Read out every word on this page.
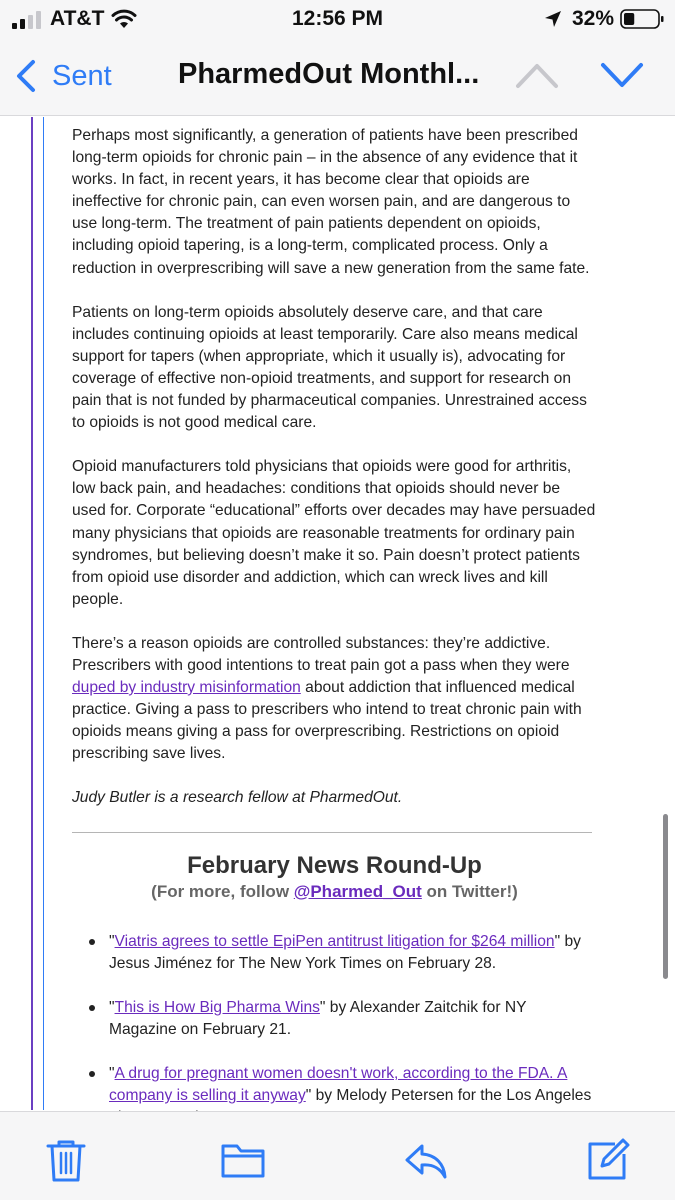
AT&T	12:56 PM	32%
Sent PharmedOut Monthl...

Perhaps most significantly, a generation of patients have been prescribed long-term opioids for chronic pain – in the absence of any evidence that it works. In fact, in recent years, it has become clear that opioids are ineffective for chronic pain, can even worsen pain, and are dangerous to use long-term. The treatment of pain patients dependent on opioids, including opioid tapering, is a long-term, complicated process. Only a reduction in overprescribing will save a new generation from the same fate.

Patients on long-term opioids absolutely deserve care, and that care includes continuing opioids at least temporarily. Care also means medical support for tapers (when appropriate, which it usually is), advocating for coverage of effective non-opioid treatments, and support for research on pain that is not funded by pharmaceutical companies. Unrestrained access to opioids is not good medical care.

Opioid manufacturers told physicians that opioids were good for arthritis, low back pain, and headaches: conditions that opioids should never be used for. Corporate “educational” efforts over decades may have persuaded many physicians that opioids are reasonable treatments for ordinary pain syndromes, but believing doesn’t make it so. Pain doesn’t protect patients from opioid use disorder and addiction, which can wreck lives and kill people.

There’s a reason opioids are controlled substances: they’re addictive. Prescribers with good intentions to treat pain got a pass when they were duped by industry misinformation about addiction that influenced medical practice. Giving a pass to prescribers who intend to treat chronic pain with opioids means giving a pass for overprescribing. Restrictions on opioid prescribing save lives.

Judy Butler is a research fellow at PharmedOut.

February News Round-Up
(For more, follow @Pharmed_Out on Twitter!)
"Viatris agrees to settle EpiPen antitrust litigation for $264 million" by Jesus Jiménez for The New York Times on February 28.
"This is How Big Pharma Wins" by Alexander Zaitchik for NY Magazine on February 21.
"A drug for pregnant women doesn't work, according to the FDA. A company is selling it anyway" by Melody Petersen for the Los Angeles
